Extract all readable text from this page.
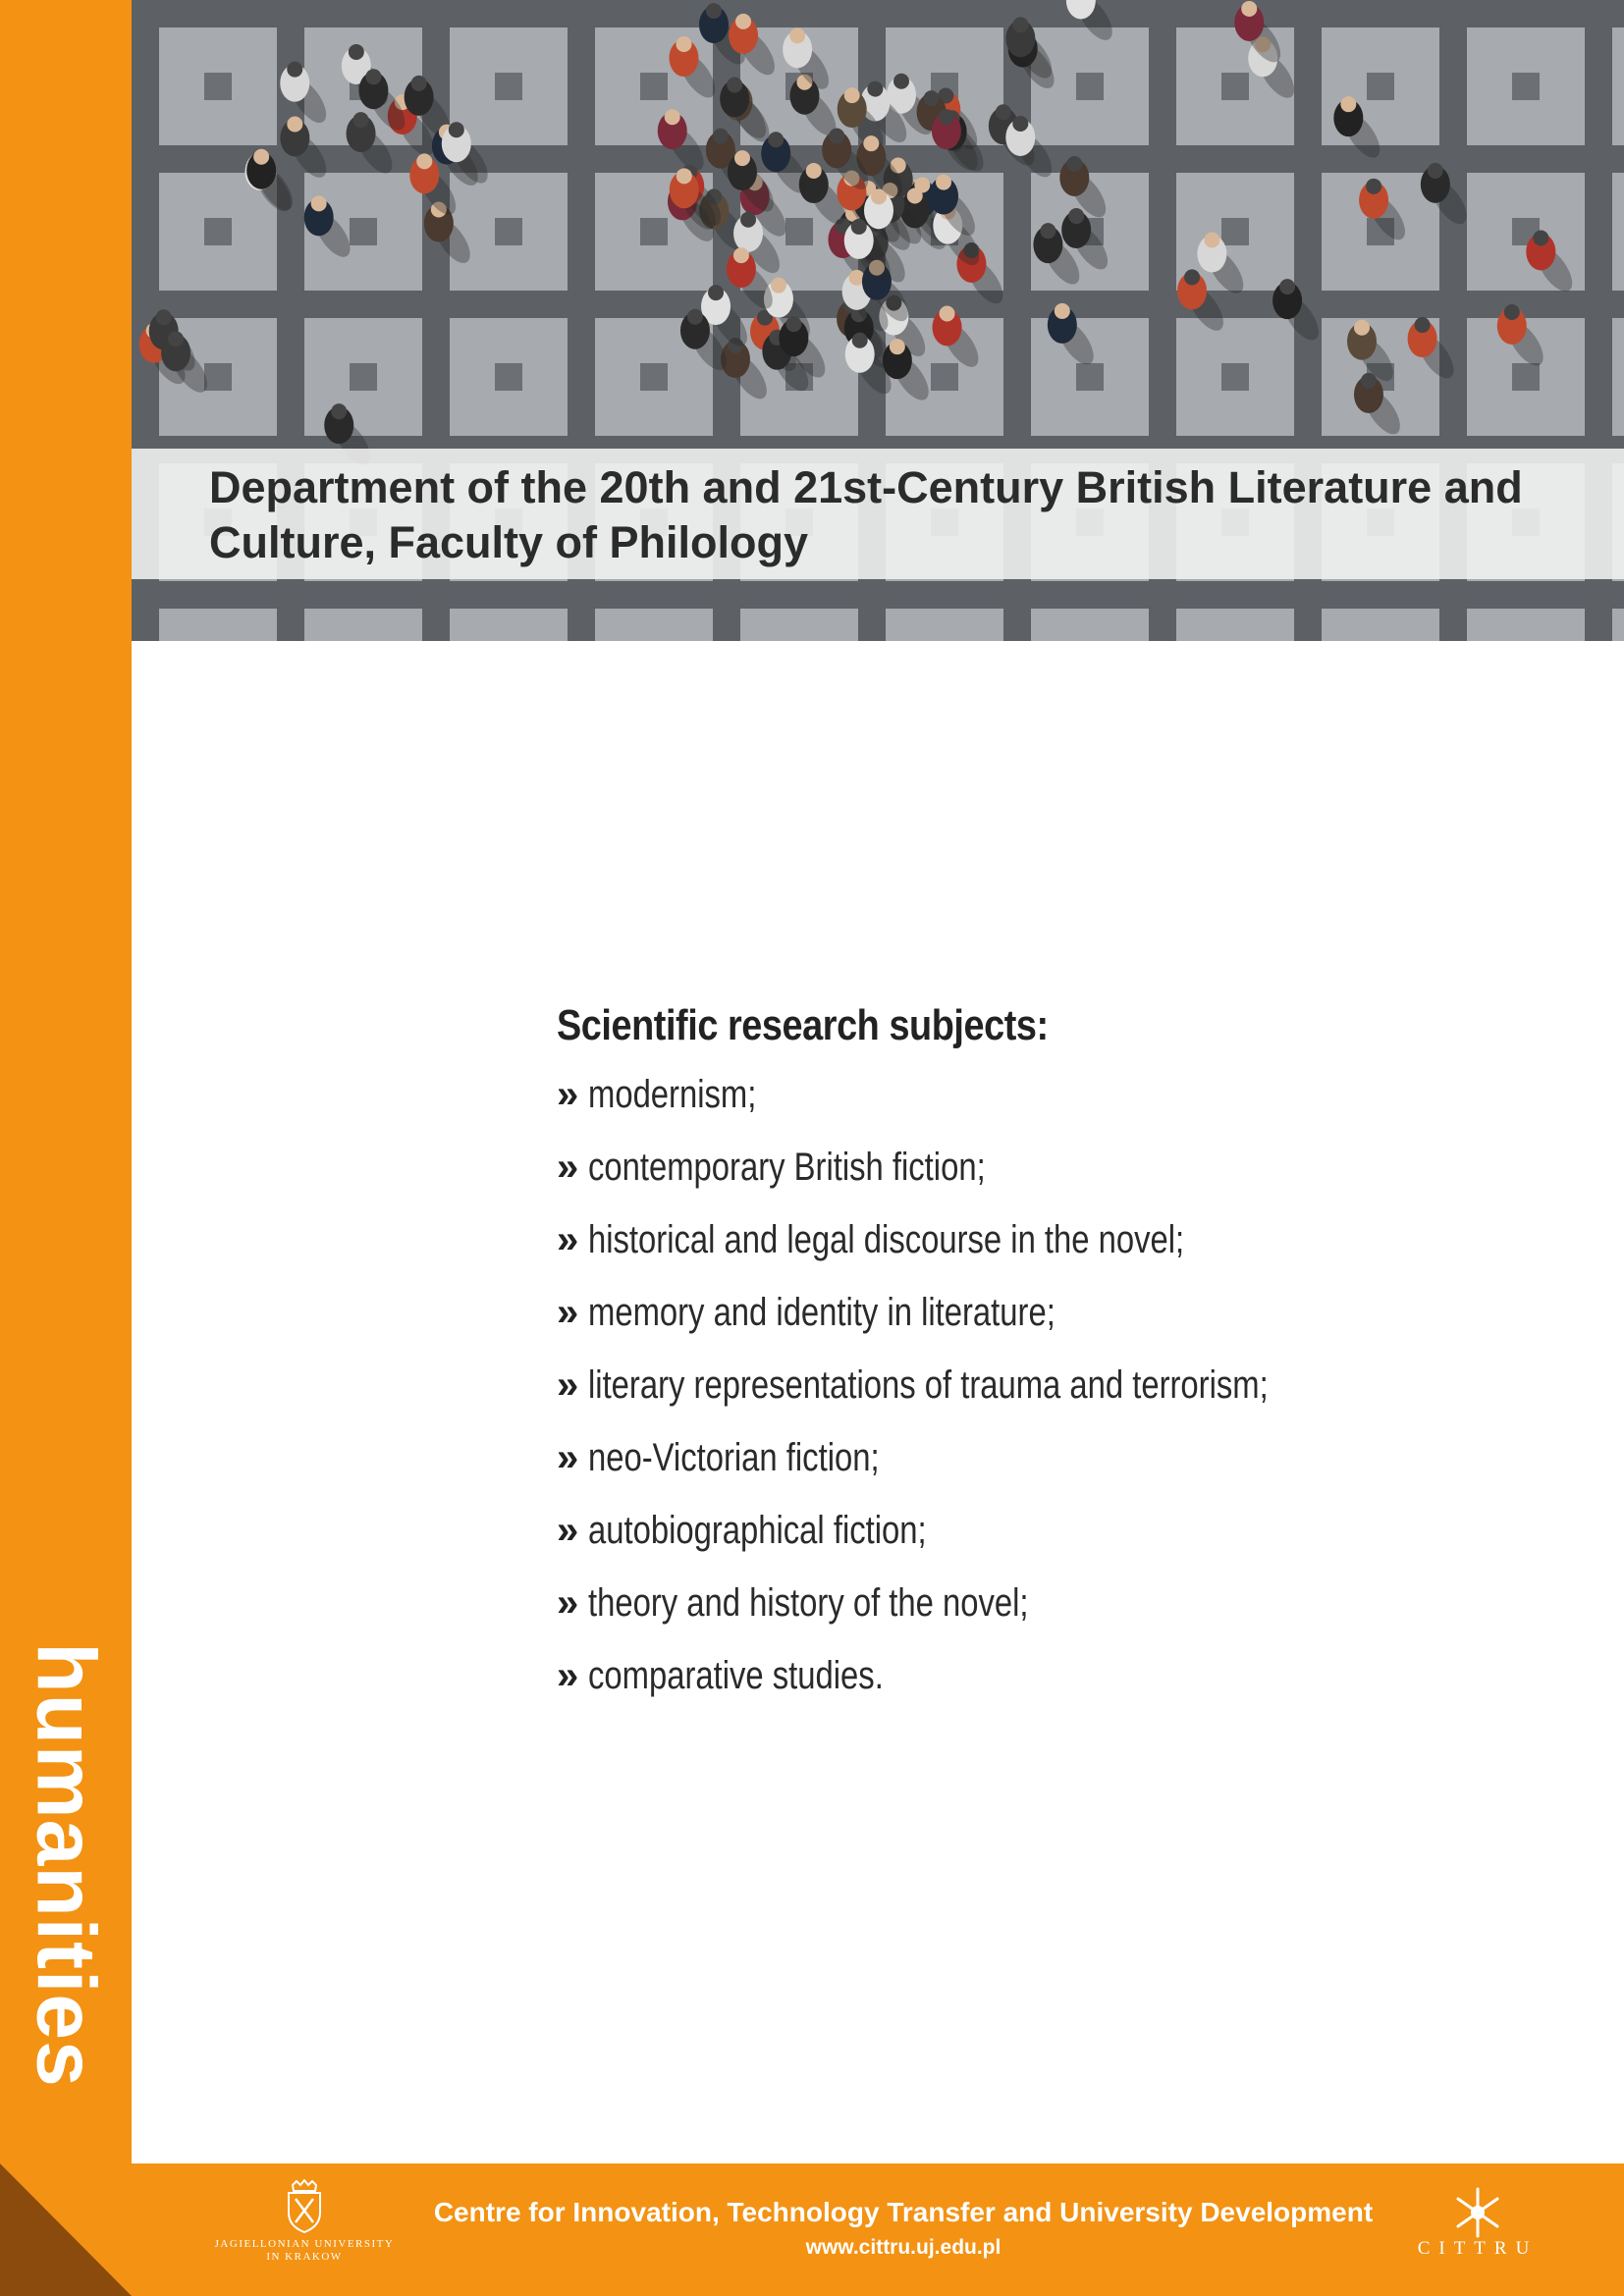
humanities
Department of the 20th and 21st-Century British Literature and Culture, Faculty of Philology
Scientific research subjects:
» modernism;
» contemporary British fiction;
» historical and legal discourse in the novel;
» memory and identity in literature;
» literary representations of trauma and terrorism;
» neo-Victorian fiction;
» autobiographical fiction;
» theory and history of the novel;
» comparative studies.
JAGIELLONIAN UNIVERSITY IN KRAKOW
Centre for Innovation, Technology Transfer and University Development
www.cittru.uj.edu.pl	CITTRU
